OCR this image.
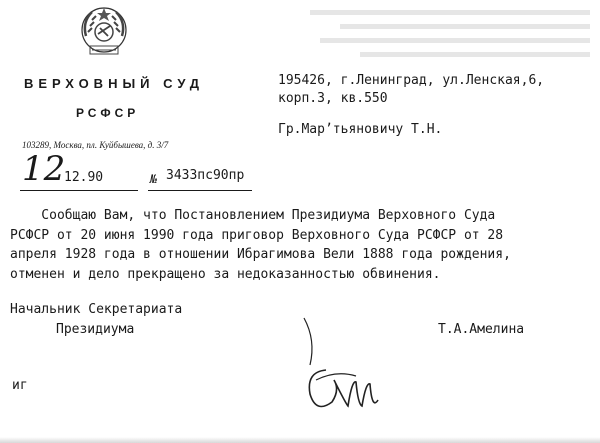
ВЕРХОВНЫЙ СУД
РСФСР
103289, Москва, пл. Куйбышева, д. 3/7
12
12.90	№ 3433пс90пр
195426, г.Ленинград, ул.Ленская,6,
корп.3, кв.550
Гр.Марʼтьяновичу Т.Н.
Сообщаю Вам, что Постановлением Президиума Верховного Суда
РСФСР от 20 июня 1990 года приговор Верховного Суда РСФСР от 28
апреля 1928 года в отношении Ибрагимова Вели 1888 года рождения,
отменен и дело прекращено за недоказанностью обвинения.
Начальник Секретариата
Президиума	Т.А.Амелина
иг
